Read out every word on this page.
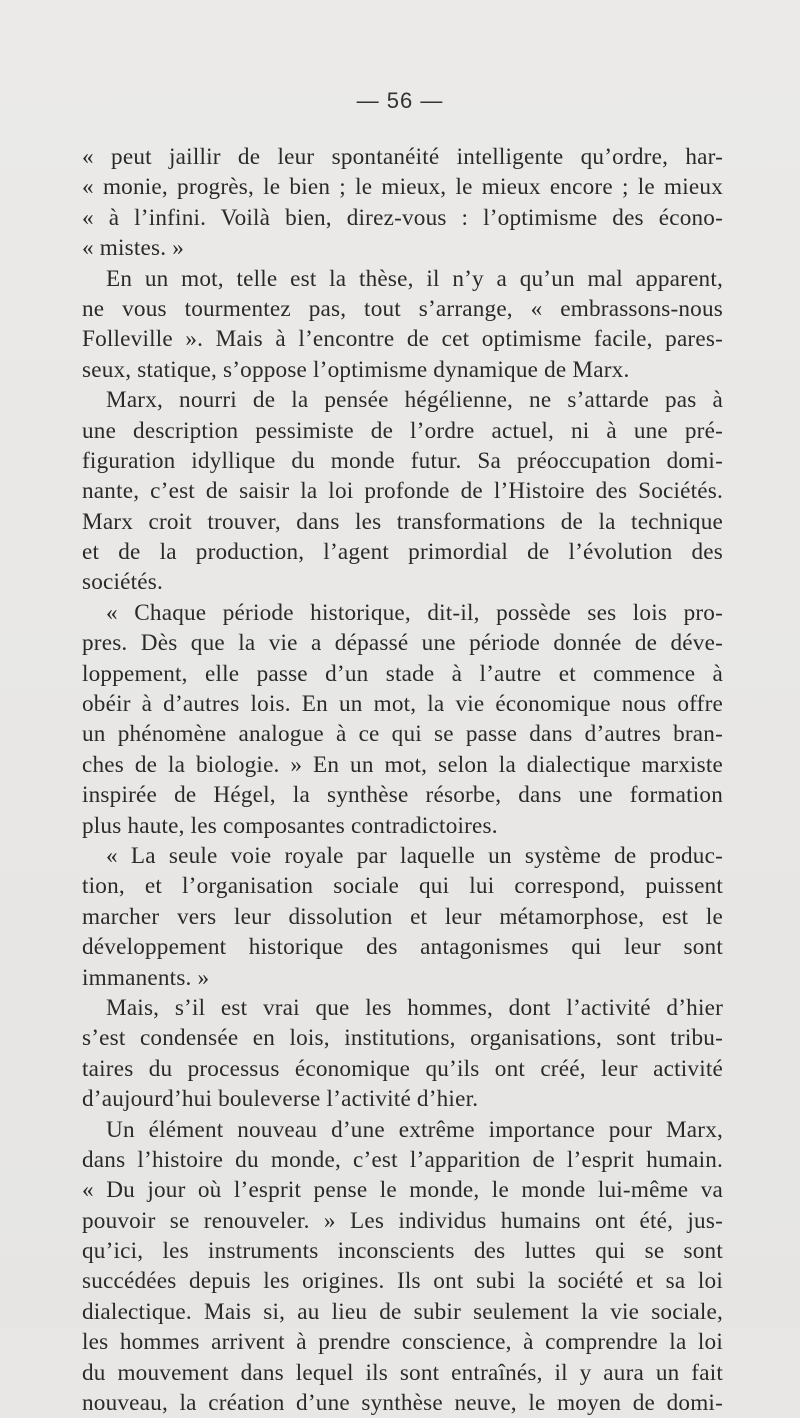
— 56 —
« peut jaillir de leur spontanéité intelligente qu’ordre, har-
« monie, progrès, le bien ; le mieux, le mieux encore ; le mieux
« à l’infini. Voilà bien, direz-vous : l’optimisme des écono-
« mistes. »
En un mot, telle est la thèse, il n’y a qu’un mal apparent,
ne vous tourmentez pas, tout s’arrange, « embrassons-nous
Folleville ». Mais à l’encontre de cet optimisme facile, pares-
seux, statique, s’oppose l’optimisme dynamique de Marx.
Marx, nourri de la pensée hégélienne, ne s’attarde pas à
une description pessimiste de l’ordre actuel, ni à une pré-
figuration idyllique du monde futur. Sa préoccupation domi-
nante, c’est de saisir la loi profonde de l’Histoire des Sociétés.
Marx croit trouver, dans les transformations de la technique
et de la production, l’agent primordial de l’évolution des
sociétés.
« Chaque période historique, dit-il, possède ses lois pro-
pres. Dès que la vie a dépassé une période donnée de déve-
loppement, elle passe d’un stade à l’autre et commence à
obéir à d’autres lois. En un mot, la vie économique nous offre
un phénomène analogue à ce qui se passe dans d’autres bran-
ches de la biologie. » En un mot, selon la dialectique marxiste
inspirée de Hégel, la synthèse résorbe, dans une formation
plus haute, les composantes contradictoires.
« La seule voie royale par laquelle un système de produc-
tion, et l’organisation sociale qui lui correspond, puissent
marcher vers leur dissolution et leur métamorphose, est le
développement historique des antagonismes qui leur sont
immanents. »
Mais, s’il est vrai que les hommes, dont l’activité d’hier
s’est condensée en lois, institutions, organisations, sont tribu-
taires du processus économique qu’ils ont créé, leur activité
d’aujourd’hui bouleverse l’activité d’hier.
Un élément nouveau d’une extrême importance pour Marx,
dans l’histoire du monde, c’est l’apparition de l’esprit humain.
« Du jour où l’esprit pense le monde, le monde lui-même va
pouvoir se renouveler. » Les individus humains ont été, jus-
qu’ici, les instruments inconscients des luttes qui se sont
succédées depuis les origines. Ils ont subi la société et sa loi
dialectique. Mais si, au lieu de subir seulement la vie sociale,
les hommes arrivent à prendre conscience, à comprendre la loi
du mouvement dans lequel ils sont entraînés, il y aura un fait
nouveau, la création d’une synthèse neuve, le moyen de domi-
